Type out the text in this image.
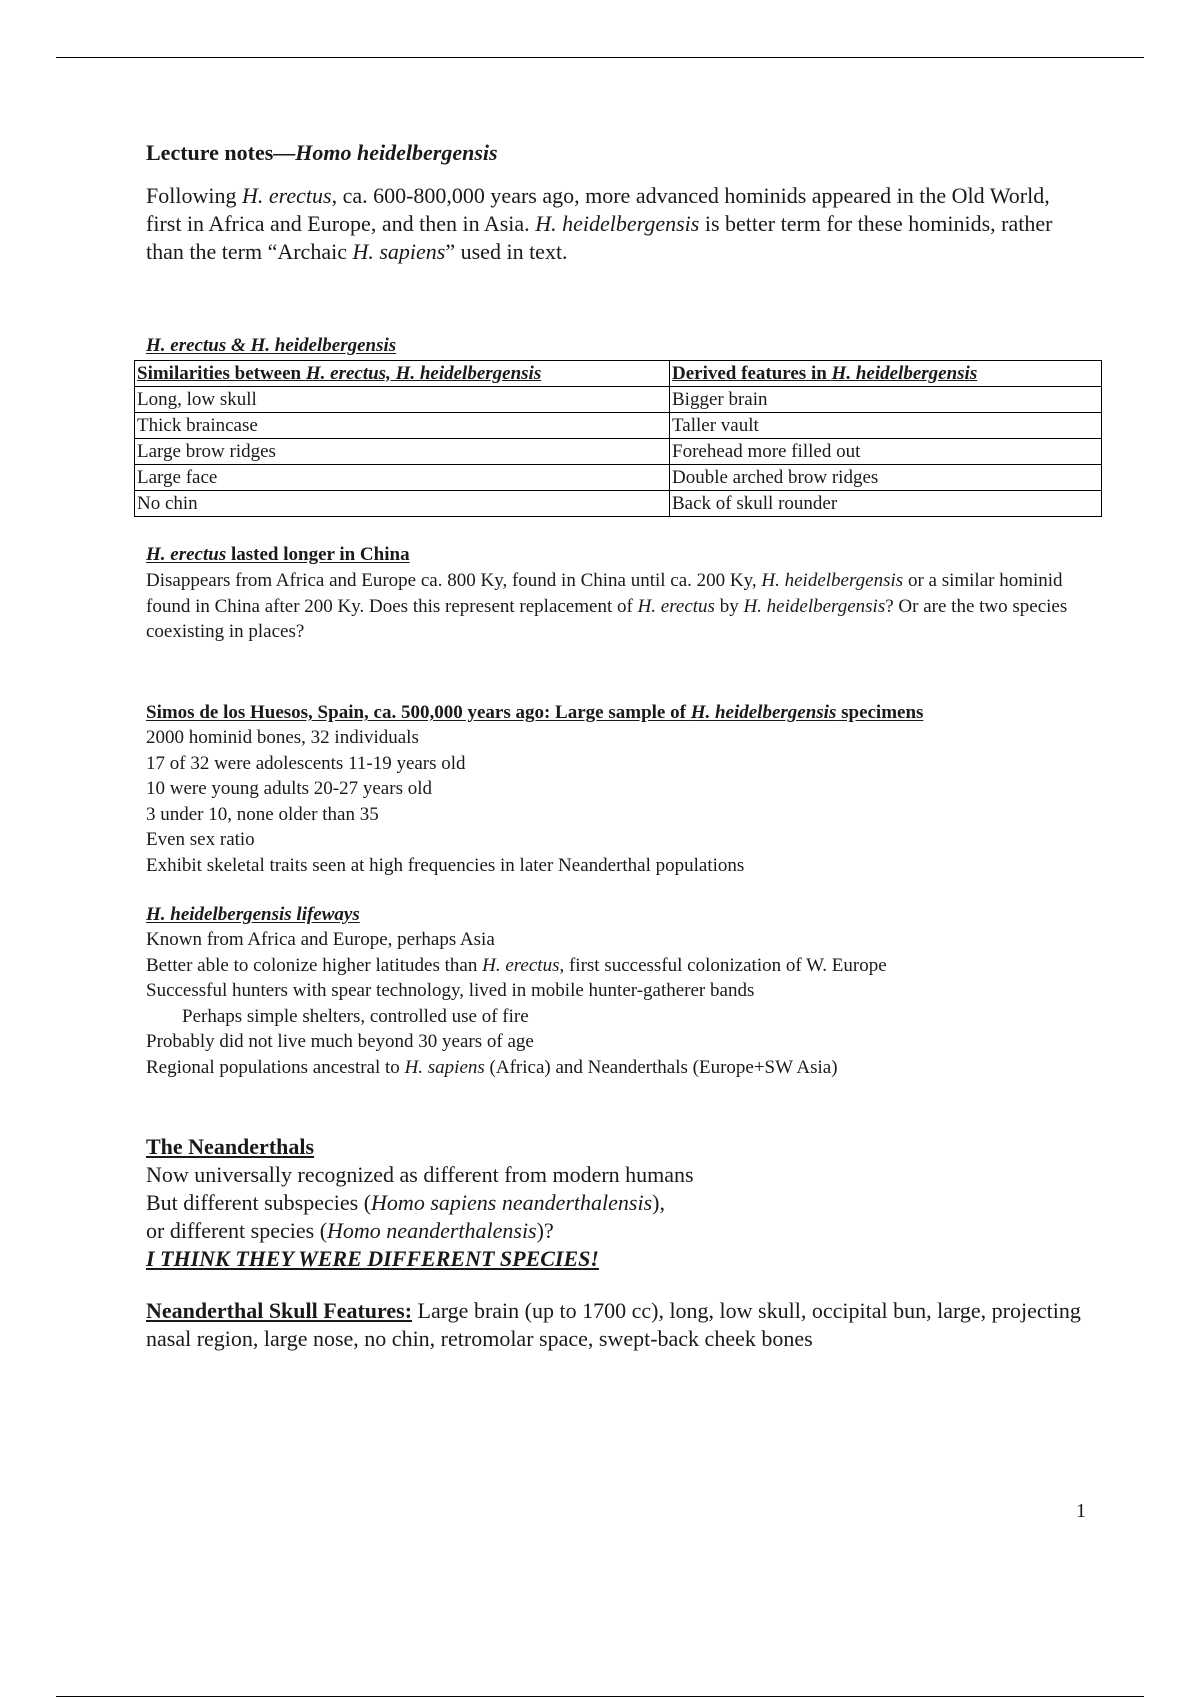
Lecture notes—Homo heidelbergensis
Following H. erectus, ca. 600-800,000 years ago, more advanced hominids appeared in the Old World, first in Africa and Europe, and then in Asia. H. heidelbergensis is better term for these hominids, rather than the term “Archaic H. sapiens” used in text.
H. erectus & H. heidelbergensis
Similarities between H. erectus, H. heidelbergensis	Derived features in H. heidelbergensis
Long, low skull	Bigger brain
Thick braincase	Taller vault
Large brow ridges	Forehead more filled out
Large face	Double arched brow ridges
No chin	Back of skull rounder
H. erectus lasted longer in China
Disappears from Africa and Europe ca. 800 Ky, found in China until ca. 200 Ky, H. heidelbergensis or a similar hominid found in China after 200 Ky. Does this represent replacement of H. erectus by H. heidelbergensis? Or are the two species coexisting in places?
Simos de los Huesos, Spain, ca. 500,000 years ago: Large sample of H. heidelbergensis specimens
2000 hominid bones, 32 individuals
17 of 32 were adolescents 11-19 years old
10 were young adults 20-27 years old
3 under 10, none older than 35
Even sex ratio
Exhibit skeletal traits seen at high frequencies in later Neanderthal populations
H. heidelbergensis lifeways
Known from Africa and Europe, perhaps Asia
Better able to colonize higher latitudes than H. erectus, first successful colonization of W. Europe
Successful hunters with spear technology, lived in mobile hunter-gatherer bands
Perhaps simple shelters, controlled use of fire
Probably did not live much beyond 30 years of age
Regional populations ancestral to H. sapiens (Africa) and Neanderthals (Europe+SW Asia)
The Neanderthals
Now universally recognized as different from modern humans
But different subspecies (Homo sapiens neanderthalensis),
or different species (Homo neanderthalensis)?
I THINK THEY WERE DIFFERENT SPECIES!
Neanderthal Skull Features: Large brain (up to 1700 cc), long, low skull, occipital bun, large, projecting nasal region, large nose, no chin, retromolar space, swept-back cheek bones
1
